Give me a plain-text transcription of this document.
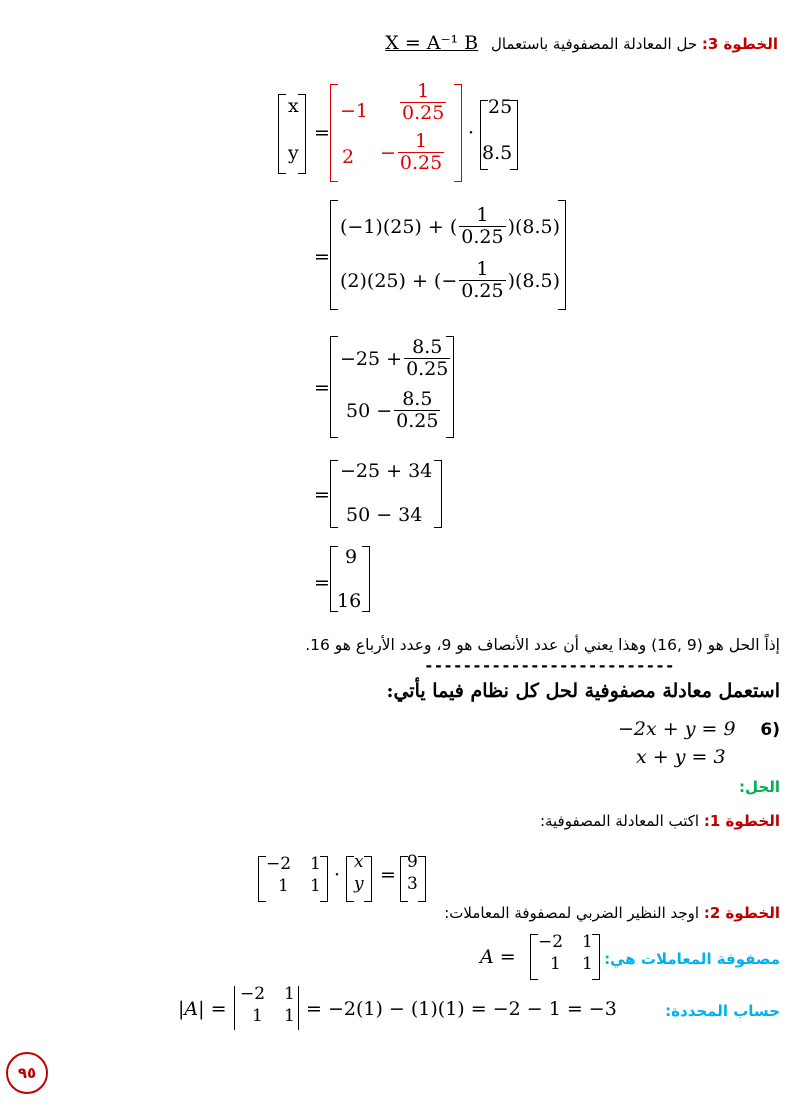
الخطوة 3: حل المعادلة المصفوفية باستعمال X = A⁻¹ B
x
y
=
$-1 \frac{1}{0.25}$
$2 - \frac{1}{0.25}$ ·
25
8.5
=
(−1)(25) + ( $\frac{1}{0.25} )(8.5)$
(2)(25) + (− $\frac{1}{0.25} )(8.5)$
=
$-25 + \frac{8.5}{0.25}$
$50 - \frac{8.5}{0.25}$
=
−25 + 34
50 − 34
=
9
16
إذاً الحل هو (9 ,16) وهذا يعني أن عدد الأنصاف هو 9، وعدد الأرباع هو 16.
--------------------------
استعمل معادلة مصفوفية لحل كل نظام فيما يأتي:
(6
−2x + y = 9
x + y = 3
الحل:
الخطوة 1: اكتب المعادلة المصفوفية:
−2 1
1 1 ·
x
y =
9
3
الخطوة 2: اوجد النظير الضربي لمصفوفة المعاملات:
مصفوفة المعاملات هي:
A =
−2 1
1 1
حساب المحددة:
|A| =
−2 1
1 1 = −2(1) − (1)(1) = −2 − 1 = −3
٩٥
